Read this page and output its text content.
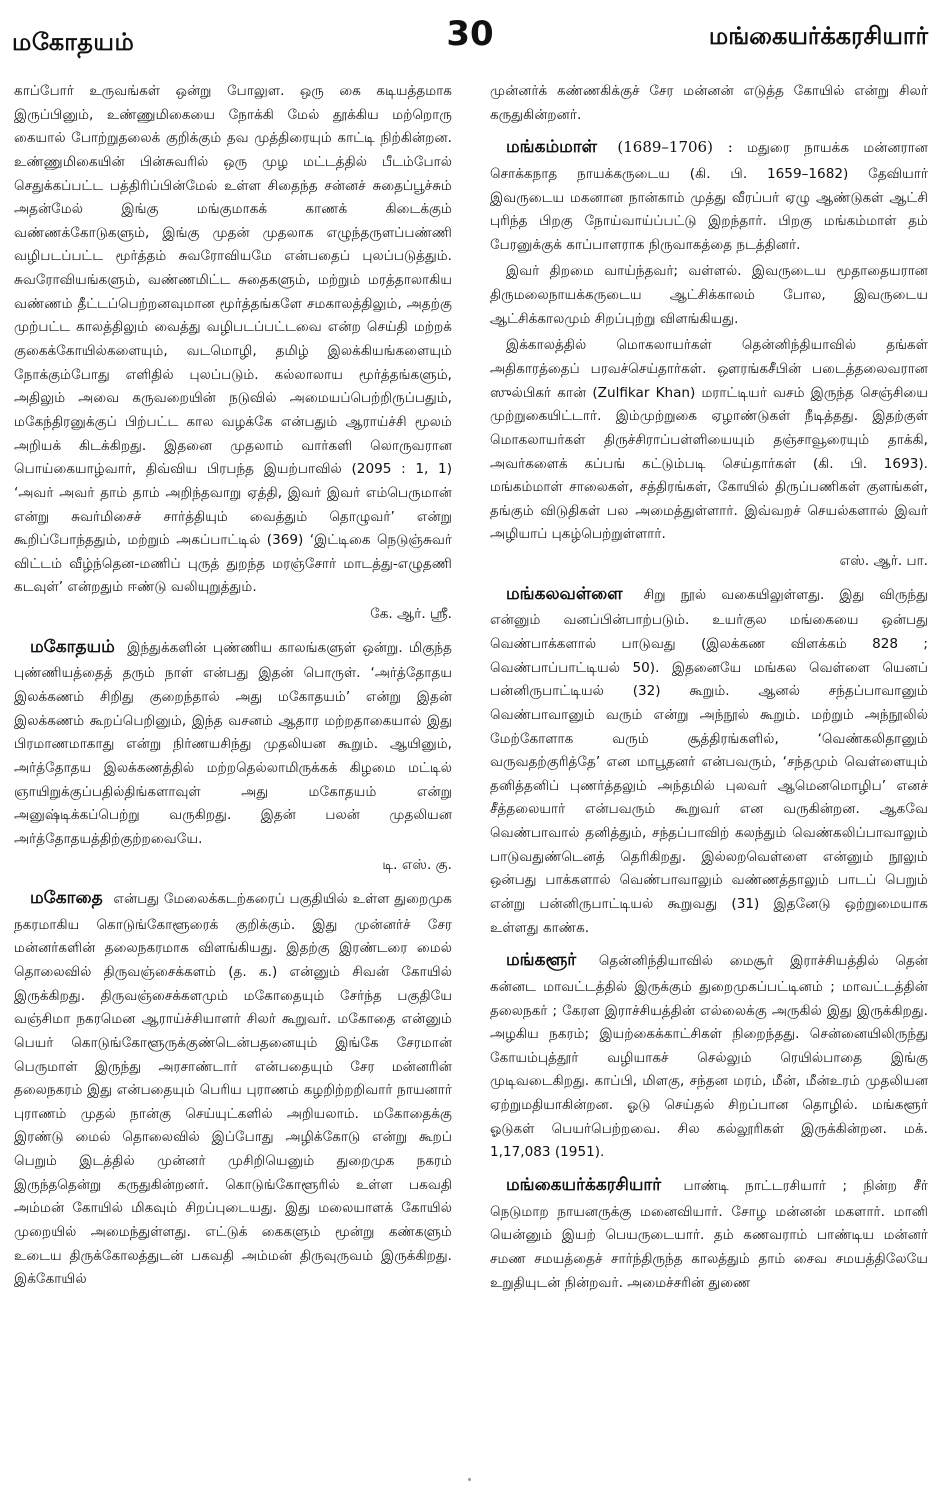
மகோதயம்	30	மங்கையர்க்கரசியார்

காப்போர் உருவங்கள் ஒன்று போலுள. ஒரு கை கடியத்தமாக இருப்பினும், உண்ணுமிகையை நோக்கி மேல் தூக்கிய மற்றொரு கையால் போற்றுதலைக் குறிக்கும் தவ முத்திரையும் காட்டி நிற்கின்றன. உண்ணுமிகையின் பின்சுவரில் ஒரு முழ மட்டத்தில் பீடம்போல் செதுக்கப்பட்ட பத்திரிப்பின்மேல் உள்ள சிதைந்த சன்னச் சுதைப்பூச்சும் அதன்மேல் இங்கு மங்குமாகக் காணக் கிடைக்கும் வண்ணக்கோடுகளும், இங்கு முதன் முதலாக எழுந்தருளப்பண்ணி வழிபடப்பட்ட மூர்த்தம் சுவரோவியமே என்பதைப் புலப்படுத்தும். சுவரோவியங்களும், வண்ணமிட்ட சுதைகளும், மற்றும் மரத்தாலாகிய வண்ணம் தீட்டப்பெற்றனவுமான மூர்த்தங்களே சமகாலத்திலும், அதற்கு முற்பட்ட காலத்திலும் வைத்து வழிபடப்பட்டவை என்ற செய்தி மற்றக் குகைக்கோயில்களையும், வடமொழி, தமிழ் இலக்கியங்களையும் நோக்கும்போது எளிதில் புலப்படும். கல்லாலாய மூர்த்தங்களும், அதிலும் அவை கருவறையின் நடுவில் அமையப்பெற்றிருப்பதும், மகேந்திரனுக்குப் பிற்பட்ட கால வழக்கே என்பதும் ஆராய்ச்சி மூலம் அறியக் கிடக்கிறது. இதனை முதலாம் வார்களி லொருவரான பொய்கையாழ்வார், திவ்விய பிரபந்த இயற்பாவில் (2095 : 1, 1) ‘அவர் அவர் தாம் தாம் அறிந்தவாறு ஏத்தி, இவர் இவர் எம்பெருமான் என்று சுவர்மிசைச் சார்த்தியும் வைத்தும் தொழுவர்’ என்று கூறிப்போந்ததும், மற்றும் அகப்பாட்டில் (369) ‘இட்டிகை நெடுஞ்சுவர் விட்டம் வீழ்ந்தென-மணிப் புருத் துறந்த மரஞ்சோர் மாடத்து-எழுதணி கடவுள்’ என்றதும் ஈண்டு வலியுறுத்தும்.

கே. ஆர். ஸ்ரீ.

மகோதயம் இந்துக்களின் புண்ணிய காலங்களுள் ஒன்று. மிகுந்த புண்ணியத்தைத் தரும் நாள் என்பது இதன் பொருள். ‘அர்த்தோதய இலக்கணம் சிறிது குறைந்தால் அது மகோதயம்’ என்று இதன் இலக்கணம் கூறப்பெறினும், இந்த வசனம் ஆதார மற்றதாகையால் இது பிரமாணமாகாது என்று நிர்ணயசிந்து முதலியன கூறும். ஆயினும், அர்த்தோதய இலக்கணத்தில் மற்றதெல்லாமிருக்கக் கிழமை மட்டில் ஞாயிறுக்குப்பதில்திங்களாவுள் அது மகோதயம் என்று அனுஷ்டிக்கப்பெற்று வருகிறது. இதன் பலன் முதலியன அர்த்தோதயத்திற்குற்றவையே.

டி. எஸ். கு.

மகோதை என்பது மேலைக்கடற்கரைப் பகுதியில் உள்ள துறைமுக நகரமாகிய கொடுங்கோளூரைக் குறிக்கும். இது முன்னர்ச் சேர மன்னர்களின் தலைநகரமாக விளங்கியது. இதற்கு இரண்டரை மைல் தொலைவில் திருவஞ்சைக்களம் (த. க.) என்னும் சிவன் கோயில் இருக்கிறது. திருவஞ்சைக்களமும் மகோதையும் சேர்ந்த பகுதியே வஞ்சிமா நகரமென ஆராய்ச்சியாளர் சிலர் கூறுவர். மகோதை என்னும் பெயர் கொடுங்கோளூருக்குண்டென்பதனையும் இங்கே சேரமான் பெருமாள் இருந்து அரசாண்டார் என்பதையும் சேர மன்னரின் தலைநகரம் இது என்பதையும் பெரிய புராணம் கழறிற்றறிவார் நாயனார் புராணம் முதல் நான்கு செய்யுட்களில் அறியலாம். மகோதைக்கு இரண்டு மைல் தொலைவில் இப்போது அழிக்கோடு என்று கூறப் பெறும் இடத்தில் முன்னர் முசிறியெனும் துறைமுக நகரம் இருந்ததென்று கருதுகின்றனர். கொடுங்கோளூரில் உள்ள பகவதி அம்மன் கோயில் மிகவும் சிறப்புடையது. இது மலையாளக் கோயில் முறையில் அமைந்துள்ளது. எட்டுக் கைகளும் மூன்று கண்களும் உடைய திருக்கோலத்துடன் பகவதி அம்மன் திருவுருவம் இருக்கிறது. இக்கோயில்

முன்னர்க் கண்ணகிக்குச் சேர மன்னன் எடுத்த கோயில் என்று சிலர் கருதுகின்றனர்.

மங்கம்மாள் (1689–1706) : மதுரை நாயக்க மன்னரான சொக்கநாத நாயக்கருடைய (கி. பி. 1659–1682) தேவியார் இவருடைய மகனான நான்காம் முத்து வீரப்பர் ஏழு ஆண்டுகள் ஆட்சி புரிந்த பிறகு நோய்வாய்ப்பட்டு இறந்தார். பிறகு மங்கம்மாள் தம் பேரனுக்குக் காப்பாளராக நிருவாகத்தை நடத்தினர்.

இவர் திறமை வாய்ந்தவர்; வள்ளல். இவருடைய மூதாதையரான திருமலைநாயக்கருடைய ஆட்சிக்காலம் போல, இவருடைய ஆட்சிக்காலமும் சிறப்புற்று விளங்கியது.

இக்காலத்தில் மொகலாயர்கள் தென்னிந்தியாவில் தங்கள் அதிகாரத்தைப் பரவச்செய்தார்கள். ஔரங்கசீபின் படைத்தலைவரான ஸுல்பிகர் கான் (Zulfikar Khan) மராட்டியர் வசம் இருந்த செஞ்சியை முற்றுகையிட்டார். இம்முற்றுகை ஏழாண்டுகள் நீடித்தது. இதற்குள் மொகலாயர்கள் திருச்சிராப்பள்ளியையும் தஞ்சாவூரையும் தாக்கி, அவர்களைக் கப்பங் கட்டும்படி செய்தார்கள் (கி. பி. 1693). மங்கம்மாள் சாலைகள், சத்திரங்கள், கோயில் திருப்பணிகள் குளங்கள், தங்கும் விடுதிகள் பல அமைத்துள்ளார். இவ்வறச் செயல்களால் இவர் அழியாப் புகழ்பெற்றுள்ளார்.

எஸ். ஆர். பா.

மங்கலவள்ளை சிறு நூல் வகையிலுள்ளது. இது விருந்து என்னும் வனப்பின்பாற்படும். உயர்குல மங்கையை ஒன்பது வெண்பாக்களால் பாடுவது (இலக்கண விளக்கம் 828 ; வெண்பாப்பாட்டியல் 50). இதனையே மங்கல வெள்ளை யெனப் பன்னிருபாட்டியல் (32) கூறும். ஆனல் சந்தப்பாவானும் வெண்பாவானும் வரும் என்று அந்நூல் கூறும். மற்றும் அந்நூலில் மேற்கோளாக வரும் சூத்திரங்களில், ‘வெண்கலிதானும் வருவதற்குரித்தே’ என மாபூதனர் என்பவரும், ‘சந்தமும் வெள்ளையும் தனித்தனிப் புணர்த்தலும் அந்தமில் புலவர் ஆமெனமொழிப’ எனச் சீத்தலையார் என்பவரும் கூறுவர் என வருகின்றன. ஆகவே வெண்பாவால் தனித்தும், சந்தப்பாவிற் கலந்தும் வெண்கலிப்பாவாலும் பாடுவதுண்டெனத் தெரிகிறது. இல்லறவெள்ளை என்னும் நூலும் ஒன்பது பாக்களால் வெண்பாவாலும் வண்ணத்தாலும் பாடப் பெறும் என்று பன்னிருபாட்டியல் கூறுவது (31) இதனேடு ஒற்றுமையாக உள்ளது காண்க.

மங்களூர் தென்னிந்தியாவில் மைசூர் இராச்சியத்தில் தென் கன்னட மாவட்டத்தில் இருக்கும் துறைமுகப்பட்டினம் ; மாவட்டத்தின் தலைநகர் ; கேரள இராச்சியத்தின் எல்லைக்கு அருகில் இது இருக்கிறது. அழகிய நகரம்; இயற்கைக்காட்சிகள் நிறைந்தது. சென்னையிலிருந்து கோயம்புத்தூர் வழியாகச் செல்லும் ரெயில்பாதை இங்கு முடிவடைகிறது. காப்பி, மிளகு, சந்தன மரம், மீன், மீன்உரம் முதலியன ஏற்றுமதியாகின்றன. ஓடு செய்தல் சிறப்பான தொழில். மங்களூர் ஓடுகள் பெயர்பெற்றவை. சில கல்லூரிகள் இருக்கின்றன. மக். 1,17,083 (1951).

மங்கையர்க்கரசியார் பாண்டி நாட்டரசியார் ; நின்ற சீர் நெடுமாற நாயனருக்கு மனைவியார். சோழ மன்னன் மகளார். மானி யென்னும் இயற் பெயருடையார். தம் கணவராம் பாண்டிய மன்னர் சமண சமயத்தைச் சார்ந்திருந்த காலத்தும் தாம் சைவ சமயத்திலேயே உறுதியுடன் நின்றவர். அமைச்சரின் துணை
